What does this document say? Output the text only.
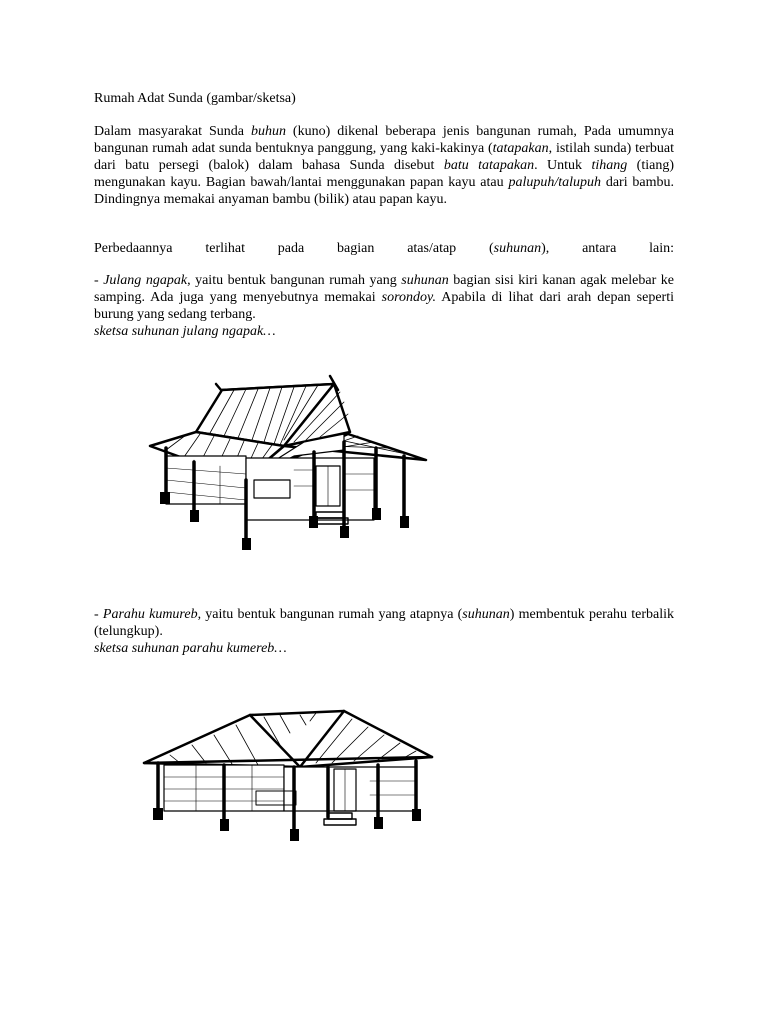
Rumah Adat Sunda (gambar/sketsa)
Dalam masyarakat Sunda buhun (kuno) dikenal beberapa jenis bangunan rumah, Pada umumnya bangunan rumah adat sunda bentuknya panggung, yang kaki-kakinya (tatapakan, istilah sunda) terbuat dari batu persegi (balok) dalam bahasa Sunda disebut batu tatapakan. Untuk tihang (tiang) mengunakan kayu. Bagian bawah/lantai menggunakan papan kayu atau palupuh/talupuh dari bambu. Dindingnya memakai anyaman bambu (bilik) atau papan kayu.
Perbedaannya terlihat pada bagian atas/atap (suhunan), antara lain:
- Julang ngapak, yaitu bentuk bangunan rumah yang suhunan bagian sisi kiri kanan agak melebar ke samping. Ada juga yang menyebutnya memakai sorondoy. Apabila di lihat dari arah depan seperti burung yang sedang terbang.
sketsa suhunan julang ngapak…
- Parahu kumureb, yaitu bentuk bangunan rumah yang atapnya (suhunan) membentuk perahu terbalik (telungkup).
sketsa suhunan parahu kumereb…
